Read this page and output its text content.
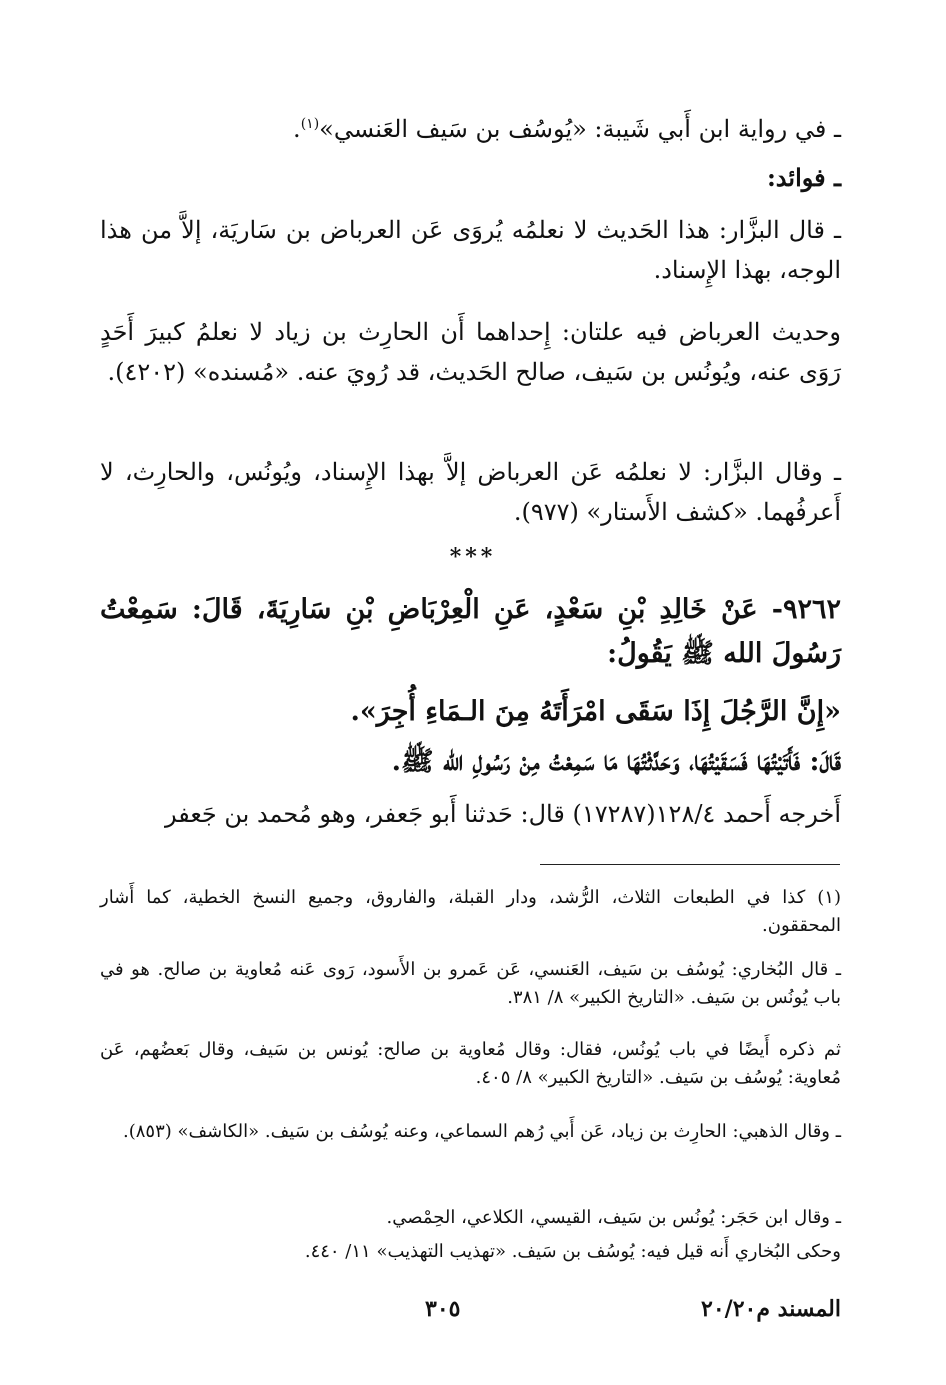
ـ في رواية ابن أَبي شَيبة: «يُوسُف بن سَيف العَنسي»$^{(١)}$.

ـ فوائد:

ـ قال البزَّار: هذا الحَديث لا نعلمُه يُروَى عَن العرباض بن سَاريَة، إلاَّ من هذا الوجه، بهذا الإِسناد.

وحديث العرباض فيه علتان: إِحداهما أَن الحارِث بن زياد لا نعلمُ كبيرَ أَحَدٍ رَوَى عنه، ويُونُس بن سَيف، صالح الحَديث، قد رُويَ عنه. «مُسنده» (٤٢٠٢).

ـ وقال البزَّار: لا نعلمُه عَن العرباض إلاَّ بهذا الإِسناد، ويُونُس، والحارِث، لا أَعرفُهما. «كشف الأَستار» (٩٧٧).

***

٩٢٦٢- عَنْ خَالِدِ بْنِ سَعْدٍ، عَنِ الْعِرْبَاضِ بْنِ سَارِيَةَ، قَالَ: سَمِعْتُ رَسُولَ الله ﷺ يَقُولُ:

«إِنَّ الرَّجُلَ إِذَا سَقَى امْرَأَتَهُ مِنَ الـمَاءِ أُجِرَ».

قَالَ: فَأَتَيْتُهَا فَسَقَيْتُهَا، وَحَدَّثْتُهَا مَا سَمِعْتُ مِنْ رَسُولِ الله ﷺ.

أَخرجه أَحمد ١٢٨/٤(١٧٢٨٧) قال: حَدثنا أَبو جَعفر، وهو مُحمد بن جَعفر

(١) كذا في الطبعات الثلاث، الرُّشد، ودار القبلة، والفاروق، وجميع النسخ الخطية، كما أَشار المحققون.

ـ قال البُخاري: يُوسُف بن سَيف، العَنسي، عَن عَمرو بن الأَسود، رَوى عَنه مُعاوية بن صالح. هو في باب يُونُس بن سَيف. «التاريخ الكبير» ٨/ ٣٨١.

ثم ذكره أَيضًا في باب يُونُس، فقال: وقال مُعاوية بن صالح: يُونس بن سَيف، وقال بَعضُهم، عَن مُعاوية: يُوسُف بن سَيف. «التاريخ الكبير» ٨/ ٤٠٥.

ـ وقال الذهبي: الحارِث بن زياد، عَن أَبي رُهم السماعي، وعنه يُوسُف بن سَيف. «الكاشف» (٨٥٣).

ـ وقال ابن حَجَر: يُونُس بن سَيف، القيسي، الكلاعي، الحِمْصي.

وحكى البُخاري أَنه قيل فيه: يُوسُف بن سَيف. «تهذيب التهذيب» ١١/ ٤٤٠.

المسند م٢٠/٢٠
٣٠٥
